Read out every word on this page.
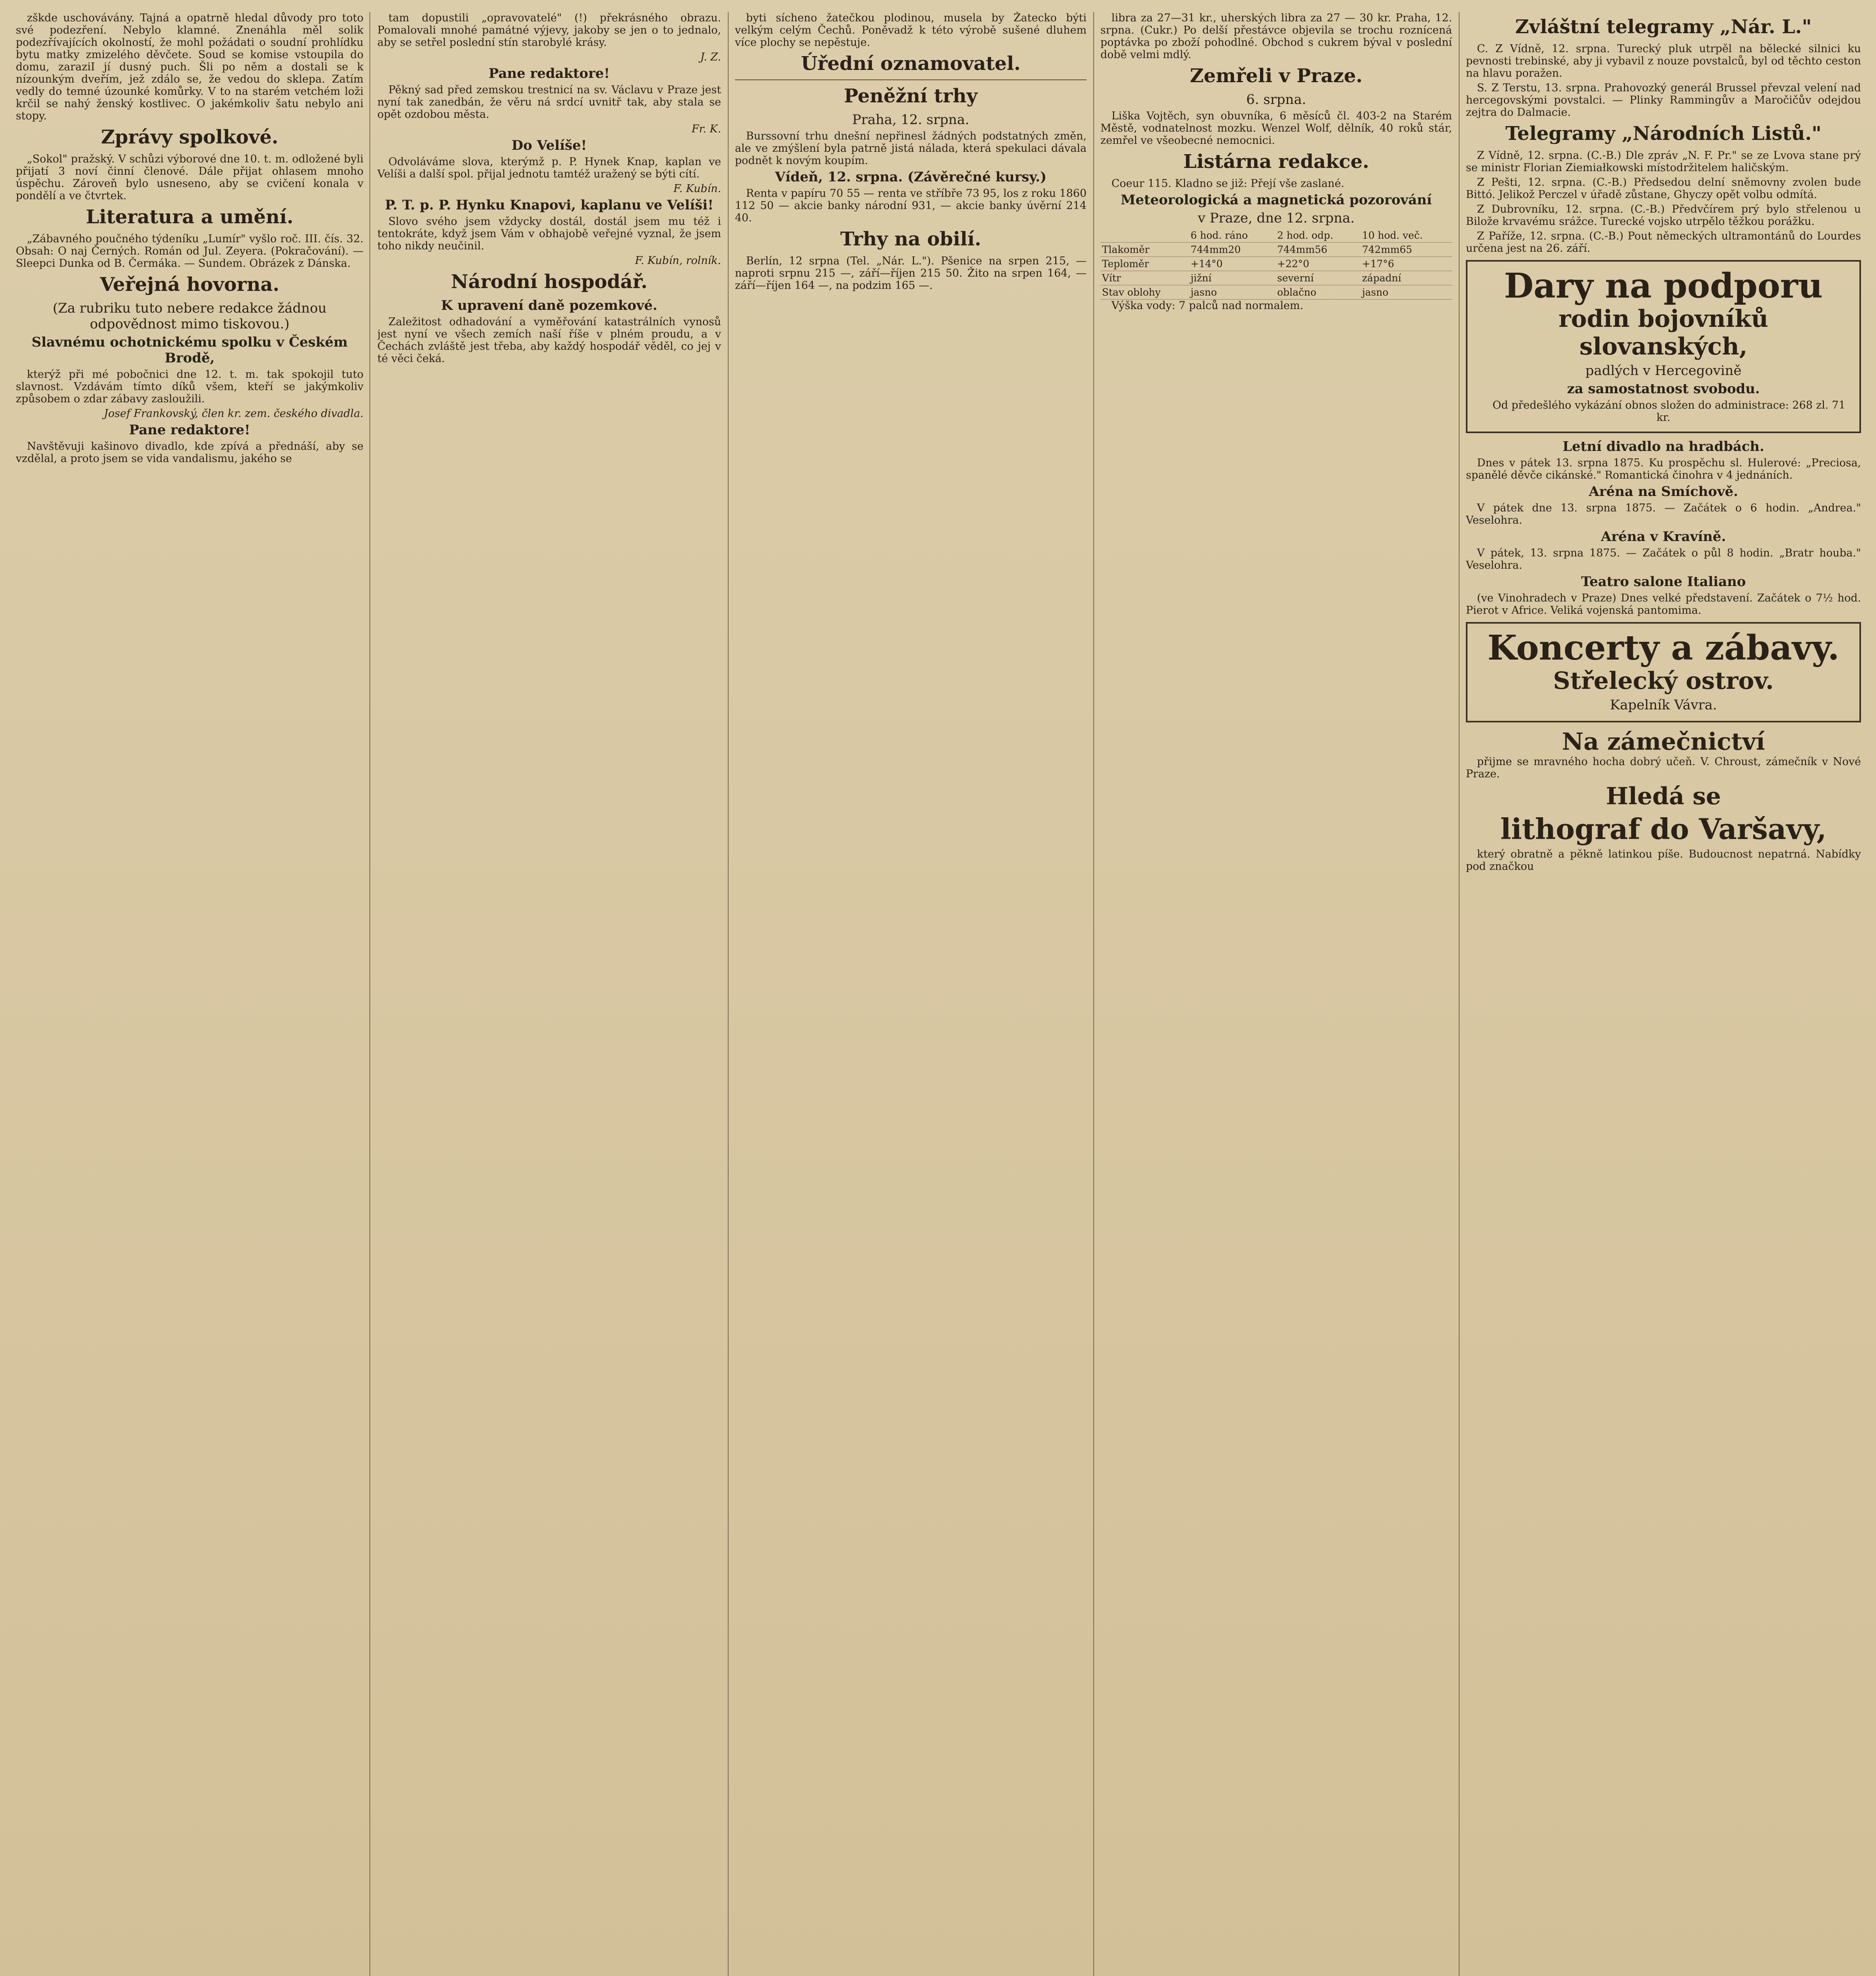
zškde uschovávány. Tajná a opatrně hledal důvody pro toto své podezření. Nebylo klamné. Znenáhla měl solik podezřívajících okolností, že mohl požádati o soudní prohlídku bytu matky zmizelého děvčete. Soud se komise vstoupila do domu, zaraziI jí dusný puch. Šli po něm a dostali se k nízounkým dveřím, jež zdálo se, že vedou do sklepa. Zatím vedly do temné úzounké komůrky. V to na starém vetchém loži krčil se nahý ženský kostlivec. O jakémkoliv šatu nebylo ani stopy.

Zprávy spolkové.

„Sokol" pražský. V schůzi výborové dne 10. t. m. odložené byli přijatí 3 noví činní členové. Dále přijat ohlasem mnoho úspěchu. Zároveň bylo usneseno, aby se cvičení konala v pondělí a ve čtvrtek.

Literatura a umění.

„Zábavného poučného týdeníku „Lumír" vyšlo roč. III. čís. 32. Obsah: O naj Černých. Román od Jul. Zeyera. (Pokračování). — Sleepci Dunka od B. Čermáka. — Sundem. Obrázek z Dánska.

Veřejná hovorna.
(Za rubriku tuto nebere redakce žádnou odpovědnost mimo tiskovou.)
Slavnému ochotnickému spolku v Českém Brodě,

kterýž při mé pobočnici dne 12. t. m. tak spokojil tuto slavnost. Vzdávám tímto díků všem, kteří se jakýmkoliv způsobem o zdar zábavy zasloužili.

Josef Frankovský, člen kr. zem. českého divadla.

Pane redaktore!

Navštěvuji kašinovo divadlo, kde zpívá a přednáší, aby se vzdělal, a proto jsem se vida vandalismu, jakého se

tam dopustili „opravovatelé" (!) překrásného obrazu. Pomalovali mnohé památné výjevy, jakoby se jen o to jednalo, aby se setřel poslední stín starobylé krásy.

J. Z.

Pane redaktore!

Pěkný sad před zemskou trestnicí na sv. Václavu v Praze jest nyní tak zanedbán, že věru ná srdcí uvnitř tak, aby stala se opět ozdobou města.

Fr. K.

Do Velíše!

Odvoláváme slova, kterýmž p. P. Hynek Knap, kaplan ve Velíši a další spol. přijal jednotu tamtéž uražený se býti cítí.

F. Kubín.

P. T. p. P. Hynku Knapovi, kaplanu ve Velíši!

Slovo svého jsem vždycky dostál, dostál jsem mu též i tentokráte, když jsem Vám v obhajobě veřejné vyznal, že jsem toho nikdy neučinil.

F. Kubín, rolník.

Národní hospodář.
K upravení daně pozemkové.

Zaležitost odhadování a vyměřování katastrálních vynosů jest nyní ve všech zemích naší říše v plném proudu, a v Čechách zvláště jest třeba, aby každý hospodář věděl, co jej v té věci čeká.

byti sícheno žatečkou plodinou, musela by Žatecko býti velkým celým Čechů. Poněvadž k této výrobě sušené dluhem více plochy se nepěstuje.

Úřední oznamovatel.
Peněžní trhy
Praha, 12. srpna.

Burssovní trhu dnešní nepřinesl žádných podstatných změn, ale ve zmýšlení byla patrně jistá nálada, která spekulaci dávala podnět k novým koupím.

Vídeň, 12. srpna. (Závěrečné kursy.)

Renta v papíru 70 55 — renta ve stříbře 73 95, los z roku 1860 112 50 — akcie banky národní 931, — akcie banky úvěrní 214 40.

Trhy na obilí.

Berlín, 12 srpna (Tel. „Nár. L."). Pšenice na srpen 215, — naproti srpnu 215 —, září—říjen 215 50. Žito na srpen 164, — září—říjen 164 —, na podzim 165 —.

libra za 27—31 kr., uherských libra za 27 — 30 kr. Praha, 12. srpna. (Cukr.) Po delší přestávce objevila se trochu roznícená poptávka po zboží pohodlné. Obchod s cukrem býval v poslední době velmi mdlý.

Zemřeli v Praze.
6. srpna.

Liška Vojtěch, syn obuvníka, 6 měsíců čl. 403-2 na Starém Městě, vodnatelnost mozku. Wenzel Wolf, dělník, 40 roků stár, zemřel ve všeobecné nemocnici.

Listárna redakce.

Coeur 115. Kladno se již: Přejí vše zaslané.

Meteorologická a magnetická pozorování
v Praze, dne 12. srpna.
	6 hod. ráno	2 hod. odp.	10 hod. več.
Tlakoměr	744mm20	744mm56	742mm65
Teploměr	+14°0	+22°0	+17°6
Vítr	jižní	severní	západní
Stav oblohy	jasno	oblačno	jasno

Výška vody: 7 palců nad normalem.

Zvláštní telegramy „Nár. L."

C. Z Vídně, 12. srpna. Turecký pluk utrpěl na bělecké silnici ku pevnosti trebinské, aby ji vybavil z nouze povstalců, byl od těchto ceston na hlavu poražen.

S. Z Terstu, 13. srpna. Prahovozký generál Brussel převzal velení nad hercegovskými povstalci. — Plinky Rammingův a Maročičův odejdou zejtra do Dalmacie.

Telegramy „Národních Listů."

Z Vídně, 12. srpna. (C.-B.) Dle zpráv „N. F. Pr." se ze Lvova stane prý se ministr Florian Ziemiałkowski místodržitelem haličským.

Z Pešti, 12. srpna. (C.-B.) Předsedou delní sněmovny zvolen bude Bittó. Jelikož Perczel v úřadě zůstane, Ghyczy opět volbu odmítá.

Z Dubrovníku, 12. srpna. (C.-B.) Předvčírem prý bylo střelenou u Bilože krvavému srážce. Turecké vojsko utrpělo těžkou porážku.

Z Paříže, 12. srpna. (C.-B.) Pout německých ultramontánů do Lourdes určena jest na 26. září.

Dary na podporu
rodin bojovníků slovanských,
padlých v Hercegovině
za samostatnost svobodu.

Od předešlého vykázání obnos složen do administrace: 268 zl. 71 kr.

Letní divadlo na hradbách.

Dnes v pátek 13. srpna 1875. Ku prospěchu sl. Hulerové: „Preciosa, spanělé děvče cikánské." Romantická činohra v 4 jednáních.

Aréna na Smíchově.

V pátek dne 13. srpna 1875. — Začátek o 6 hodin. „Andrea." Veselohra.

Aréna v Kravíně.

V pátek, 13. srpna 1875. — Začátek o půl 8 hodin. „Bratr houba." Veselohra.

Teatro salone Italiano

(ve Vinohradech v Praze) Dnes velké představení. Začátek o 7½ hod. Pierot v Africe. Veliká vojenská pantomima.

Koncerty a zábavy.
Střelecký ostrov.
Kapelník Vávra.
Na zámečnictví

přijme se mravného hocha dobrý učeň. V. Chroust, zámečník v Nové Praze.

Hledá se
lithograf do Varšavy,

který obratně a pěkně latinkou píše. Budoucnost nepatrná. Nabídky pod značkou
